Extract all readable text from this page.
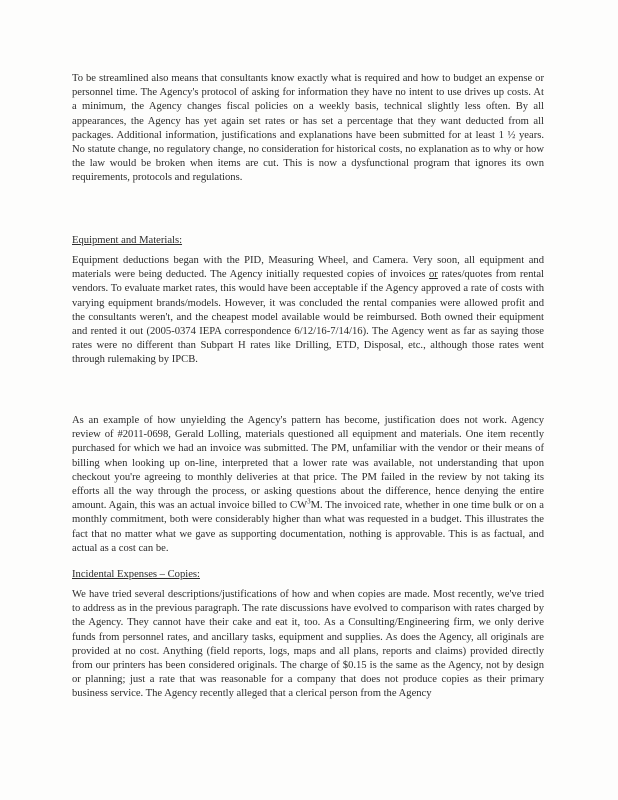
To be streamlined also means that consultants know exactly what is required and how to budget an expense or personnel time. The Agency's protocol of asking for information they have no intent to use drives up costs. At a minimum, the Agency changes fiscal policies on a weekly basis, technical slightly less often. By all appearances, the Agency has yet again set rates or has set a percentage that they want deducted from all packages. Additional information, justifications and explanations have been submitted for at least 1 ½ years. No statute change, no regulatory change, no consideration for historical costs, no explanation as to why or how the law would be broken when items are cut. This is now a dysfunctional program that ignores its own requirements, protocols and regulations.
Equipment and Materials:
Equipment deductions began with the PID, Measuring Wheel, and Camera. Very soon, all equipment and materials were being deducted. The Agency initially requested copies of invoices or rates/quotes from rental vendors. To evaluate market rates, this would have been acceptable if the Agency approved a rate of costs with varying equipment brands/models. However, it was concluded the rental companies were allowed profit and the consultants weren't, and the cheapest model available would be reimbursed. Both owned their equipment and rented it out (2005-0374 IEPA correspondence 6/12/16-7/14/16). The Agency went as far as saying those rates were no different than Subpart H rates like Drilling, ETD, Disposal, etc., although those rates went through rulemaking by IPCB.
As an example of how unyielding the Agency's pattern has become, justification does not work. Agency review of #2011-0698, Gerald Lolling, materials questioned all equipment and materials. One item recently purchased for which we had an invoice was submitted. The PM, unfamiliar with the vendor or their means of billing when looking up on-line, interpreted that a lower rate was available, not understanding that upon checkout you're agreeing to monthly deliveries at that price. The PM failed in the review by not taking its efforts all the way through the process, or asking questions about the difference, hence denying the entire amount. Again, this was an actual invoice billed to $CW^3M$. The invoiced rate, whether in one time bulk or on a monthly commitment, both were considerably higher than what was requested in a budget. This illustrates the fact that no matter what we gave as supporting documentation, nothing is approvable. This is as factual, and actual as a cost can be.
Incidental Expenses – Copies:
We have tried several descriptions/justifications of how and when copies are made. Most recently, we've tried to address as in the previous paragraph. The rate discussions have evolved to comparison with rates charged by the Agency. They cannot have their cake and eat it, too. As a Consulting/Engineering firm, we only derive funds from personnel rates, and ancillary tasks, equipment and supplies. As does the Agency, all originals are provided at no cost. Anything (field reports, logs, maps and all plans, reports and claims) provided directly from our printers has been considered originals. The charge of $0.15 is the same as the Agency, not by design or planning; just a rate that was reasonable for a company that does not produce copies as their primary business service. The Agency recently alleged that a clerical person from the Agency
